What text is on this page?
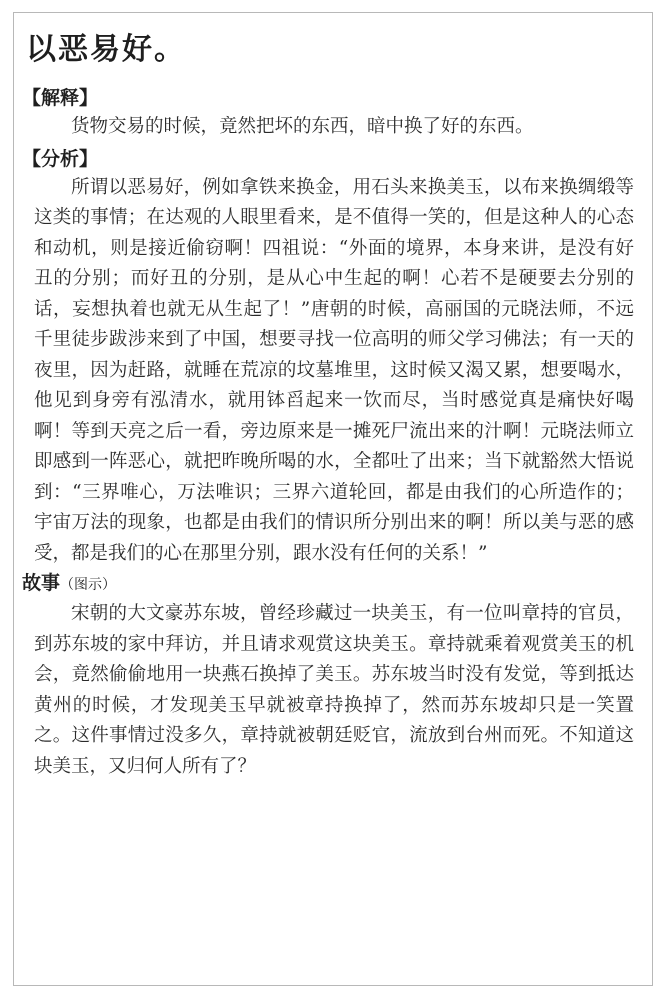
以恶易好。
【解释】

货物交易的时候，竟然把坏的东西，暗中换了好的东西。

【分析】

所谓以恶易好，例如拿铁来换金，用石头来换美玉，以布来换绸缎等这类的事情；在达观的人眼里看来，是不值得一笑的，但是这种人的心态和动机，则是接近偷窃啊！四祖说：“外面的境界，本身来讲，是没有好丑的分别；而好丑的分别，是从心中生起的啊！心若不是硬要去分别的话，妄想执着也就无从生起了！”唐朝的时候，高丽国的元晓法师，不远千里徒步跋涉来到了中国，想要寻找一位高明的师父学习佛法；有一天的夜里，因为赶路，就睡在荒凉的坟墓堆里，这时候又渴又累，想要喝水，他见到身旁有泓清水，就用钵舀起来一饮而尽，当时感觉真是痛快好喝啊！等到天亮之后一看，旁边原来是一摊死尸流出来的汁啊！元晓法师立即感到一阵恶心，就把昨晚所喝的水，全都吐了出来；当下就豁然大悟说到：“三界唯心，万法唯识；三界六道轮回，都是由我们的心所造作的；宇宙万法的现象，也都是由我们的情识所分别出来的啊！所以美与恶的感受，都是我们的心在那里分别，跟水没有任何的关系！”

故事（图示）

宋朝的大文豪苏东坡，曾经珍藏过一块美玉，有一位叫章持的官员，到苏东坡的家中拜访，并且请求观赏这块美玉。章持就乘着观赏美玉的机会，竟然偷偷地用一块燕石换掉了美玉。苏东坡当时没有发觉，等到抵达黄州的时候，才发现美玉早就被章持换掉了，然而苏东坡却只是一笑置之。这件事情过没多久，章持就被朝廷贬官，流放到台州而死。不知道这块美玉，又归何人所有了？
